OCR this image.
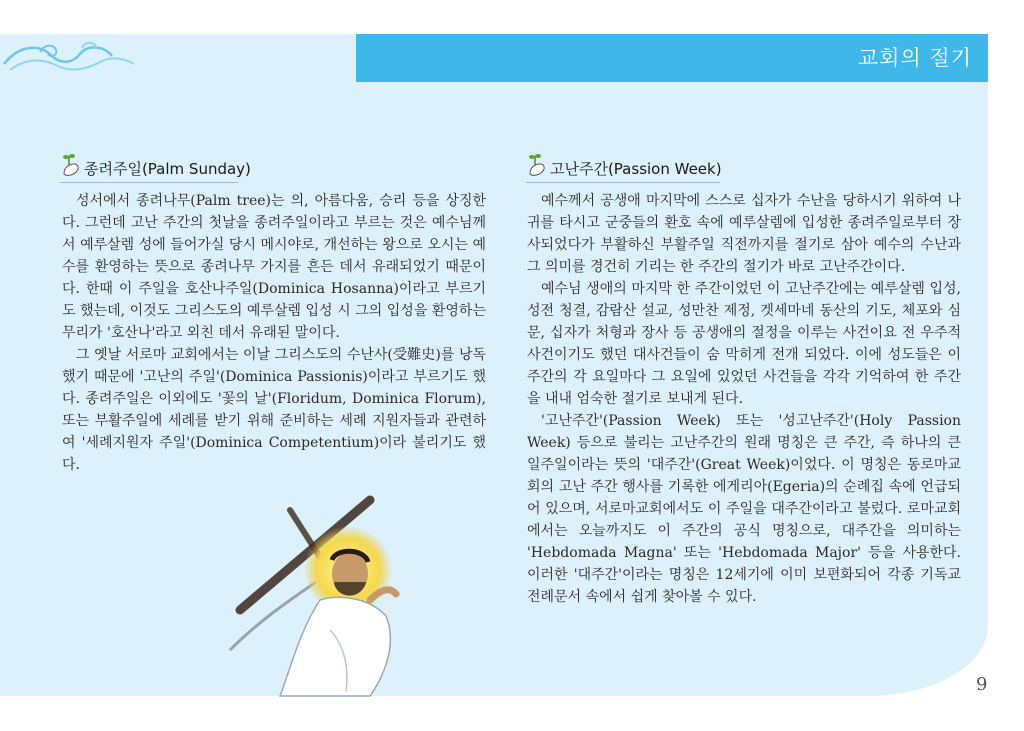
교회의 절기
종려주일(Palm Sunday)

성서에서 종려나무(Palm tree)는 의, 아름다움, 승리 등을 상징한다. 그런데 고난 주간의 첫날을 종려주일이라고 부르는 것은 예수님께서 예루살렘 성에 들어가실 당시 메시야로, 개선하는 왕으로 오시는 예수를 환영하는 뜻으로 종려나무 가지를 흔든 데서 유래되었기 때문이다. 한때 이 주일을 호산나주일(Dominica Hosanna)이라고 부르기도 했는데, 이것도 그리스도의 예루살렘 입성 시 그의 입성을 환영하는 무리가 '호산나'라고 외친 데서 유래된 말이다.

그 옛날 서로마 교회에서는 이날 그리스도의 수난사(受難史)를 낭독했기 때문에 '고난의 주일'(Dominica Passionis)이라고 부르기도 했다. 종려주일은 이외에도 '꽃의 날'(Floridum, Dominica Florum), 또는 부활주일에 세례를 받기 위해 준비하는 세례 지원자들과 관련하여 '세례지원자 주일'(Dominica Competentium)이라 불리기도 했다.

고난주간(Passion Week)

예수께서 공생애 마지막에 스스로 십자가 수난을 당하시기 위하여 나귀를 타시고 군중들의 환호 속에 예루살렘에 입성한 종려주일로부터 장사되었다가 부활하신 부활주일 직전까지를 절기로 삼아 예수의 수난과 그 의미를 경건히 기리는 한 주간의 절기가 바로 고난주간이다.

예수님 생애의 마지막 한 주간이었던 이 고난주간에는 예루살렘 입성, 성전 청결, 감람산 설교, 성만찬 제정, 겟세마네 동산의 기도, 체포와 심문, 십자가 처형과 장사 등 공생애의 절정을 이루는 사건이요 전 우주적 사건이기도 했던 대사건들이 숨 막히게 전개 되었다. 이에 성도들은 이 주간의 각 요일마다 그 요일에 있었던 사건들을 각각 기억하여 한 주간을 내내 엄숙한 절기로 보내게 된다.

'고난주간'(Passion Week) 또는 '성고난주간'(Holy Passion Week) 등으로 불리는 고난주간의 원래 명칭은 큰 주간, 즉 하나의 큰 일주일이라는 뜻의 '대주간'(Great Week)이었다. 이 명칭은 동로마교회의 고난 주간 행사를 기록한 에게리아(Egeria)의 순례집 속에 언급되어 있으며, 서로마교회에서도 이 주일을 대주간이라고 불렀다. 로마교회에서는 오늘까지도 이 주간의 공식 명칭으로, 대주간을 의미하는 'Hebdomada Magna' 또는 'Hebdomada Major' 등을 사용한다. 이러한 '대주간'이라는 명칭은 12세기에 이미 보편화되어 각종 기독교 전례문서 속에서 쉽게 찾아볼 수 있다.

9
